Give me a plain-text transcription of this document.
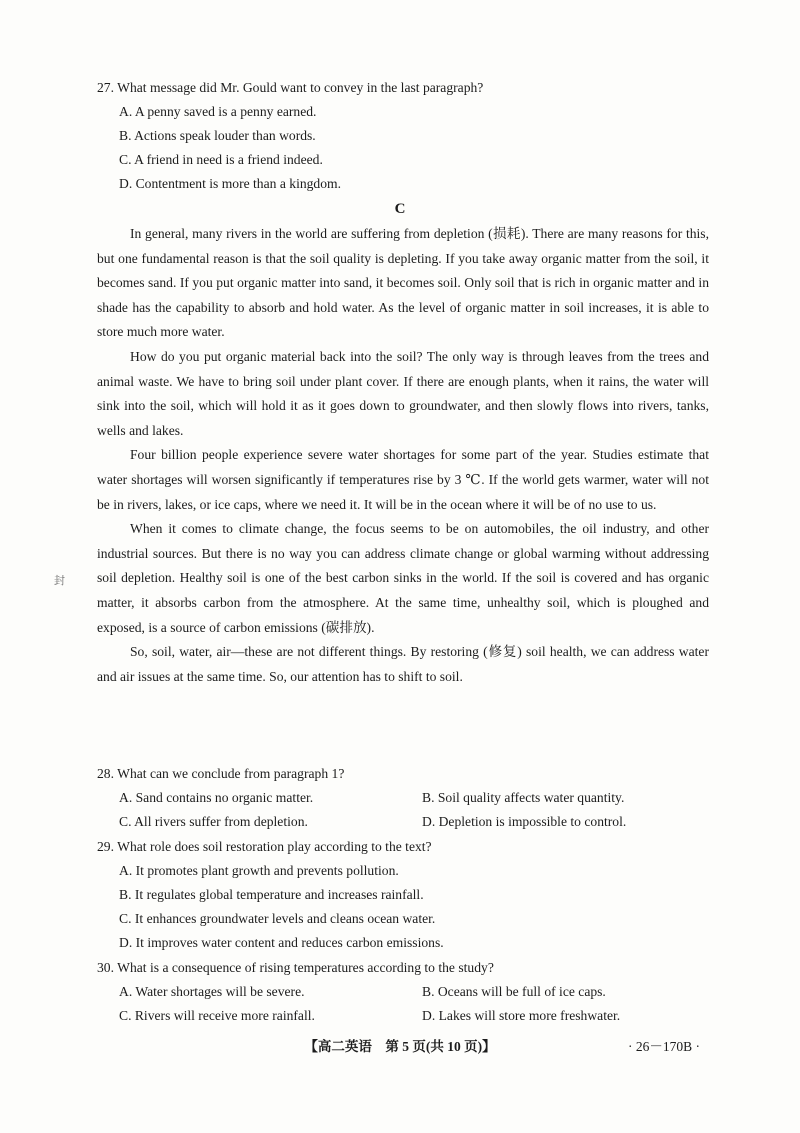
27. What message did Mr. Gould want to convey in the last paragraph?
A. A penny saved is a penny earned.
B. Actions speak louder than words.
C. A friend in need is a friend indeed.
D. Contentment is more than a kingdom.
C

In general, many rivers in the world are suffering from depletion (损耗). There are many reasons for this, but one fundamental reason is that the soil quality is depleting. If you take away organic matter from the soil, it becomes sand. If you put organic matter into sand, it becomes soil. Only soil that is rich in organic matter and in shade has the capability to absorb and hold water. As the level of organic matter in soil increases, it is able to store much more water.

How do you put organic material back into the soil? The only way is through leaves from the trees and animal waste. We have to bring soil under plant cover. If there are enough plants, when it rains, the water will sink into the soil, which will hold it as it goes down to groundwater, and then slowly flows into rivers, tanks, wells and lakes.

Four billion people experience severe water shortages for some part of the year. Studies estimate that water shortages will worsen significantly if temperatures rise by 3 ℃. If the world gets warmer, water will not be in rivers, lakes, or ice caps, where we need it. It will be in the ocean where it will be of no use to us.

When it comes to climate change, the focus seems to be on automobiles, the oil industry, and other industrial sources. But there is no way you can address climate change or global warming without addressing soil depletion. Healthy soil is one of the best carbon sinks in the world. If the soil is covered and has organic matter, it absorbs carbon from the atmosphere. At the same time, unhealthy soil, which is ploughed and exposed, is a source of carbon emissions (碳排放).

So, soil, water, air—these are not different things. By restoring (修复) soil health, we can address water and air issues at the same time. So, our attention has to shift to soil.

28. What can we conclude from paragraph 1?
A. Sand contains no organic matter.	B. Soil quality affects water quantity.
C. All rivers suffer from depletion.	D. Depletion is impossible to control.
29. What role does soil restoration play according to the text?
A. It promotes plant growth and prevents pollution.
B. It regulates global temperature and increases rainfall.
C. It enhances groundwater levels and cleans ocean water.
D. It improves water content and reduces carbon emissions.
30. What is a consequence of rising temperatures according to the study?
A. Water shortages will be severe.	B. Oceans will be full of ice caps.
C. Rivers will receive more rainfall.	D. Lakes will store more freshwater.
封
【高二英语　第 5 页(共 10 页)】	· 26－170B ·
